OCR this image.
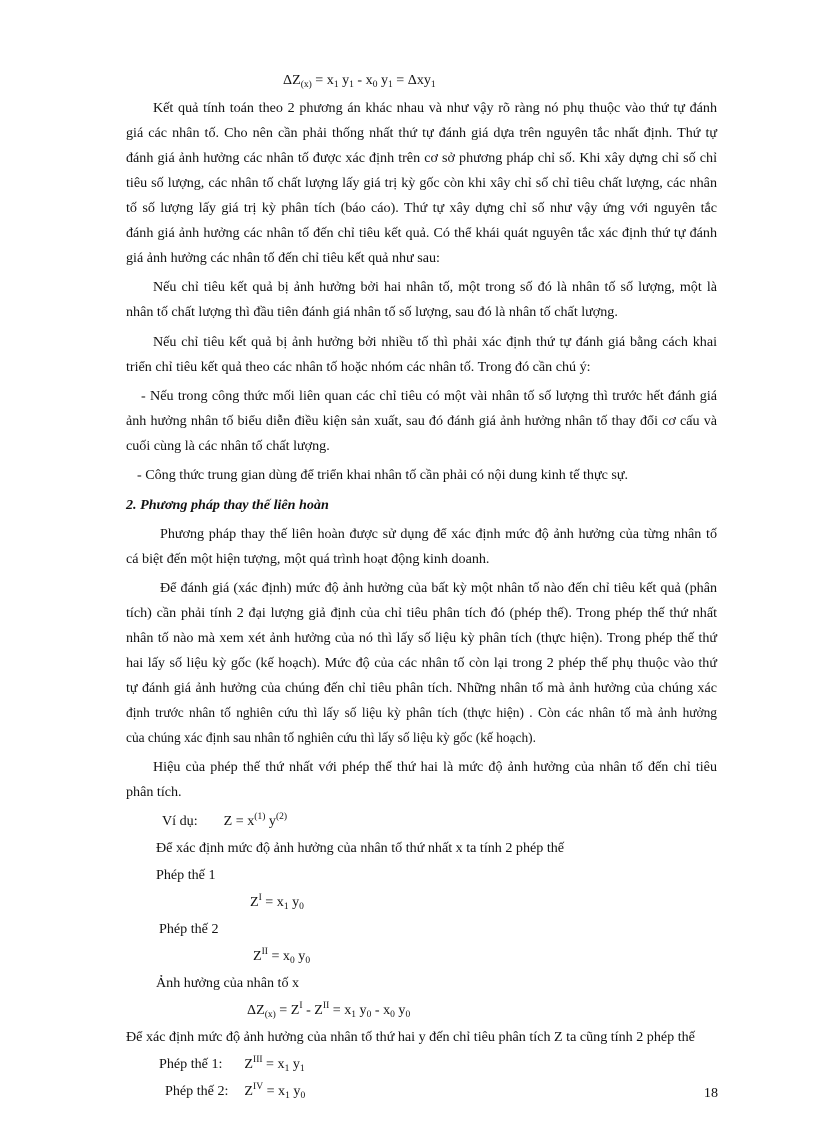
$\Delta Z_{(x)} = x_1$ $y_1 - x_0$ $y_1 = \Delta xy_1$
Kết quả tính toán theo 2 phương án khác nhau và như vậy rõ ràng nó phụ thuộc vào thứ tự đánh
giá các nhân tố. Cho nên cần phải thống nhất thứ tự đánh giá dựa trên nguyên tắc nhất định. Thứ tự
đánh giá ảnh hưởng các nhân tố được xác định trên cơ sở phương pháp chỉ số. Khi xây dựng chỉ số chỉ
tiêu số lượng, các nhân tố chất lượng lấy giá trị kỳ gốc còn khi xây chỉ số chỉ tiêu chất lượng, các nhân
tố số lượng lấy giá trị kỳ phân tích (báo cáo). Thứ tự xây dựng chỉ số như vậy ứng với nguyên tắc
đánh giá ảnh hưởng các nhân tố đến chỉ tiêu kết quả. Có thể khái quát nguyên tắc xác định thứ tự đánh
giá ảnh hưởng các nhân tố đến chỉ tiêu kết quả như sau:
Nếu chỉ tiêu kết quả bị ảnh hưởng bởi hai nhân tố, một trong số đó là nhân tố số lượng, một là
nhân tố chất lượng thì đầu tiên đánh giá nhân tố số lượng, sau đó là nhân tố chất lượng.
Nếu chỉ tiêu kết quả bị ảnh hưởng bởi nhiều tố thì phải xác định thứ tự đánh giá bằng cách khai
triển chỉ tiêu kết quả theo các nhân tố hoặc nhóm các nhân tố. Trong đó cần chú ý:
- Nếu trong công thức mối liên quan các chỉ tiêu có một vài nhân tố số lượng thì trước hết đánh giá
ảnh hưởng nhân tố biểu diễn điều kiện sản xuất, sau đó đánh giá ảnh hưởng nhân tố thay đổi cơ cấu và
cuối cùng là các nhân tố chất lượng.
- Công thức trung gian dùng để triển khai nhân tố cần phải có nội dung kinh tế thực sự.
2. Phương pháp thay thế liên hoàn
Phương pháp thay thế liên hoàn được sử dụng để xác định mức độ ảnh hưởng của từng nhân tố
cá biệt đến một hiện tượng, một quá trình hoạt động kinh doanh.
Để đánh giá (xác định) mức độ ảnh hưởng của bất kỳ một nhân tố nào đến chỉ tiêu kết quả (phân
tích) cần phải tính 2 đại lượng giả định của chỉ tiêu phân tích đó (phép thế). Trong phép thế thứ nhất
nhân tố nào mà xem xét ảnh hưởng của nó thì lấy số liệu kỳ phân tích (thực hiện). Trong phép thế thứ
hai lấy số liệu kỳ gốc (kế hoạch). Mức độ của các nhân tố còn lại trong 2 phép thế phụ thuộc vào thứ
tự đánh giá ảnh hưởng của chúng đến chỉ tiêu phân tích. Những nhân tố mà ảnh hưởng của chúng xác
định trước nhân tố nghiên cứu thì lấy số liệu kỳ phân tích (thực hiện) . Còn các nhân tố mà ảnh hưởng
của chúng xác định sau nhân tố nghiên cứu thì lấy số liệu kỳ gốc (kế hoạch).
Hiệu của phép thế thứ nhất với phép thế thứ hai là mức độ ảnh hưởng của nhân tố đến chỉ tiêu
phân tích.
Ví dụ: $Z = x^{(1)}$ $y^{(2)}$
Để xác định mức độ ảnh hưởng của nhân tố thứ nhất x ta tính 2 phép thế
Phép thế 1
$Z^I = x_1$ $y_0$
Phép thế 2
$Z^{II} = x_0$ $y_0$
Ảnh hưởng của nhân tố x
$\Delta Z_{(x)} = Z^I - Z^{II} = x_1$ $y_0 - x_0$ $y_0$
Để xác định mức độ ảnh hưởng của nhân tố thứ hai y đến chỉ tiêu phân tích Z ta cũng tính 2 phép thế
Phép thế 1: $Z^{III} = x_1$ $y_1$
Phép thế 2: $Z^{IV} = x_1$ $y_0$	18
